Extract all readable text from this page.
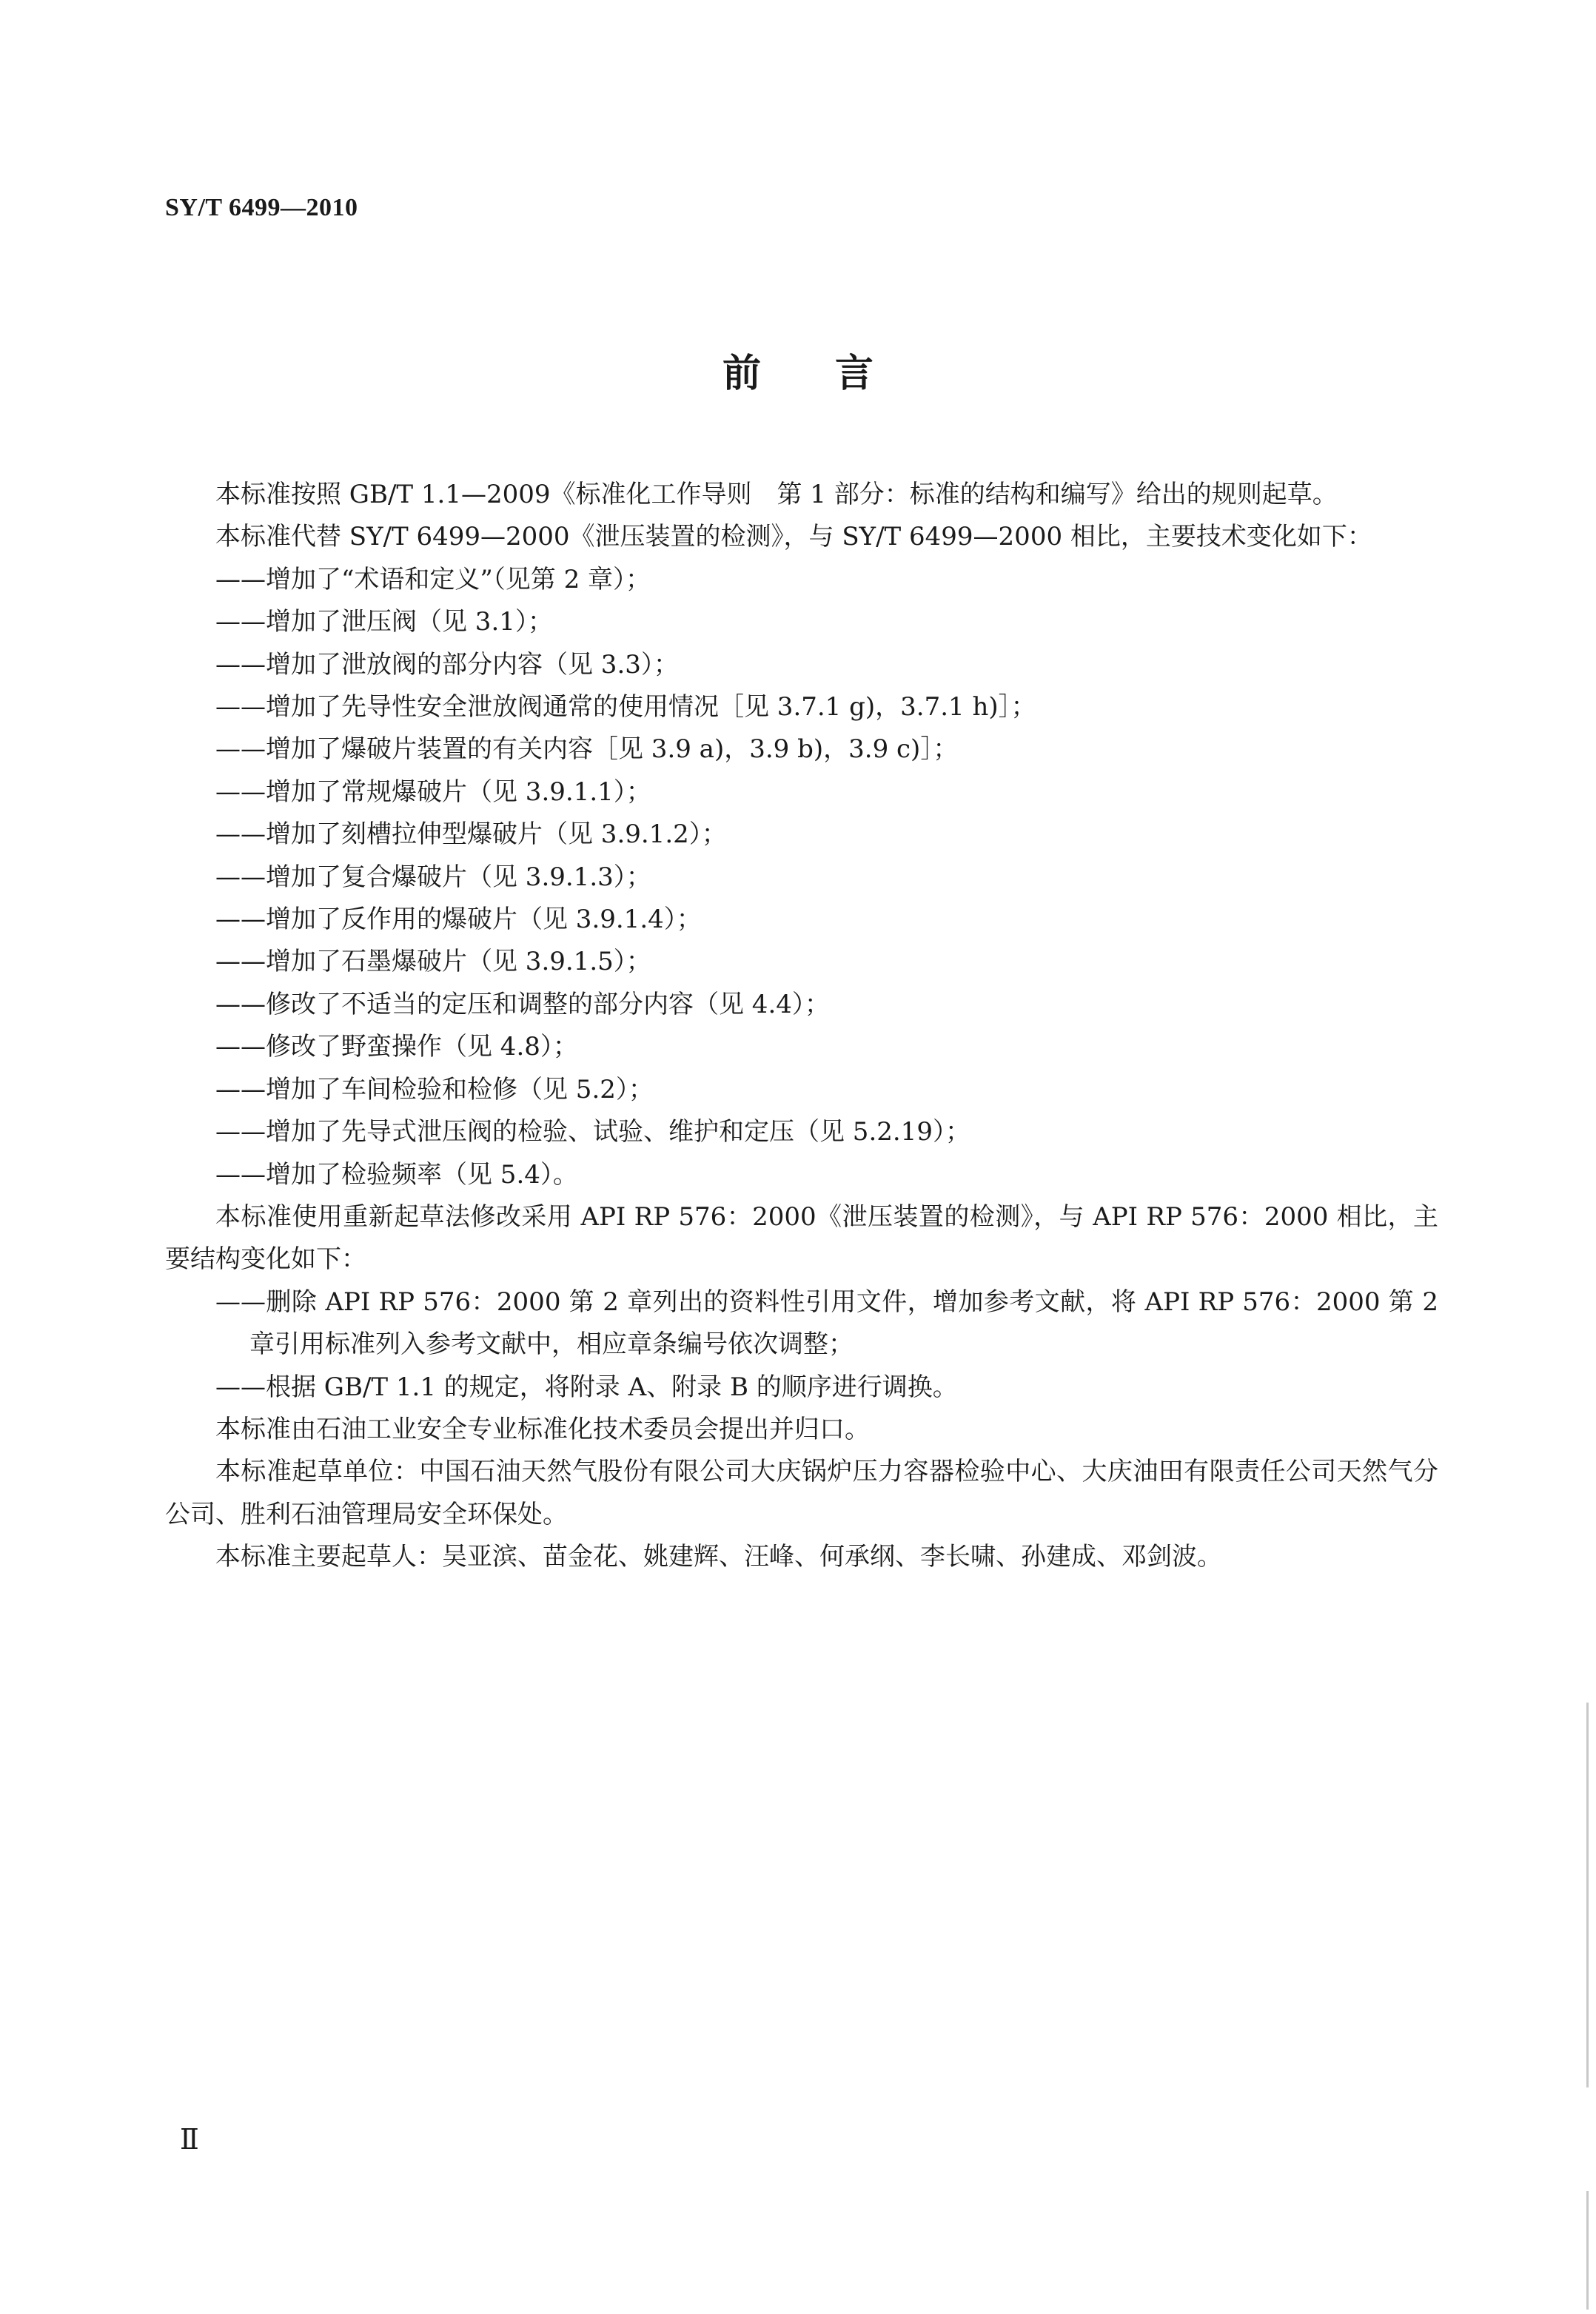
SY/T 6499—2010
前言

本标准按照 GB/T 1.1—2009《标准化工作导则　第 1 部分：标准的结构和编写》给出的规则起草。

本标准代替 SY/T 6499—2000《泄压装置的检测》，与 SY/T 6499—2000 相比，主要技术变化如下：

——增加了“术语和定义”（见第 2 章）；

——增加了泄压阀（见 3.1）；

——增加了泄放阀的部分内容（见 3.3）；

——增加了先导性安全泄放阀通常的使用情况［见 3.7.1 g)，3.7.1 h)］；

——增加了爆破片装置的有关内容［见 3.9 a)，3.9 b)，3.9 c)］；

——增加了常规爆破片（见 3.9.1.1）；

——增加了刻槽拉伸型爆破片（见 3.9.1.2）；

——增加了复合爆破片（见 3.9.1.3）；

——增加了反作用的爆破片（见 3.9.1.4）；

——增加了石墨爆破片（见 3.9.1.5）；

——修改了不适当的定压和调整的部分内容（见 4.4）；

——修改了野蛮操作（见 4.8）；

——增加了车间检验和检修（见 5.2）；

——增加了先导式泄压阀的检验、试验、维护和定压（见 5.2.19）；

——增加了检验频率（见 5.4）。

本标准使用重新起草法修改采用 API RP 576：2000《泄压装置的检测》，与 API RP 576：2000 相比，主要结构变化如下：

——删除 API RP 576：2000 第 2 章列出的资料性引用文件，增加参考文献，将 API RP 576：2000 第 2 章引用标准列入参考文献中，相应章条编号依次调整；

——根据 GB/T 1.1 的规定，将附录 A、附录 B 的顺序进行调换。

本标准由石油工业安全专业标准化技术委员会提出并归口。

本标准起草单位：中国石油天然气股份有限公司大庆锅炉压力容器检验中心、大庆油田有限责任公司天然气分公司、胜利石油管理局安全环保处。

本标准主要起草人：吴亚滨、苗金花、姚建辉、汪峰、何承纲、李长啸、孙建成、邓剑波。

Ⅱ
